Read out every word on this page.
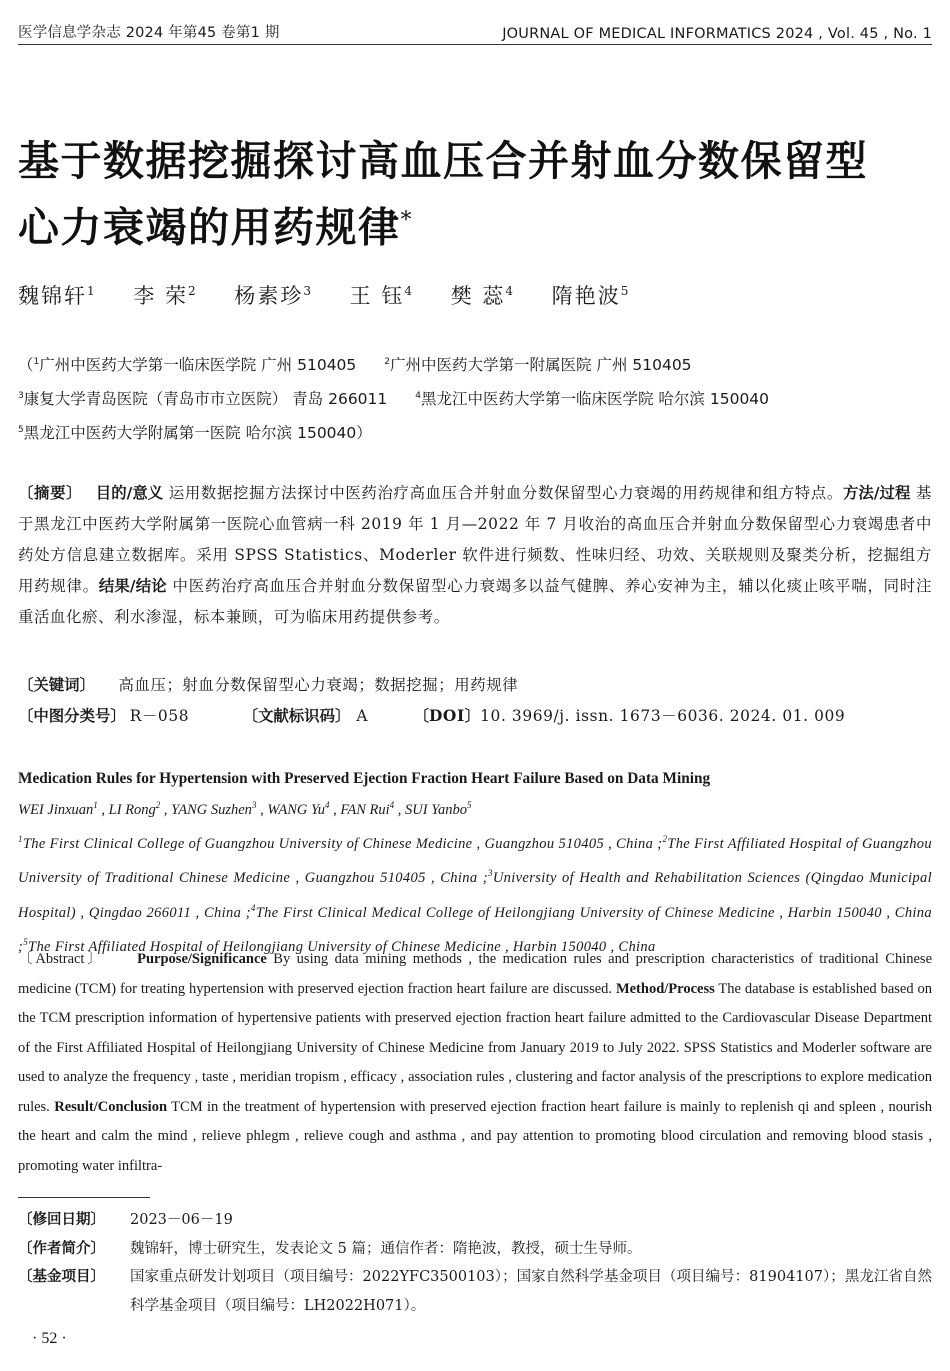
医学信息学杂志 2024 年第45 卷第1 期	JOURNAL OF MEDICAL INFORMATICS 2024 , Vol. 45 , No. 1
基于数据挖掘探讨高血压合并射血分数保留型
心力衰竭的用药规律*
魏锦轩$^1$ 李 荣$^2$ 杨素珍$^3$ 王 钰$^4$ 樊 蕊$^4$ 隋艳波$^5$
（$^1$广州中医药大学第一临床医学院 广州 510405	$^2$广州中医药大学第一附属医院 广州 510405
$^3$康复大学青岛医院（青岛市市立医院） 青岛 266011	$^4$黑龙江中医药大学第一临床医学院 哈尔滨 150040
$^5$黑龙江中医药大学附属第一医院 哈尔滨 150040）
〔摘要〕 目的/意义 运用数据挖掘方法探讨中医药治疗高血压合并射血分数保留型心力衰竭的用药规律和组方特点。方法/过程 基于黑龙江中医药大学附属第一医院心血管病一科 2019 年 1 月—2022 年 7 月收治的高血压合并射血分数保留型心力衰竭患者中药处方信息建立数据库。采用 SPSS Statistics、Moderler 软件进行频数、性味归经、功效、关联规则及聚类分析，挖掘组方用药规律。结果/结论 中医药治疗高血压合并射血分数保留型心力衰竭多以益气健脾、养心安神为主，辅以化痰止咳平喘，同时注重活血化瘀、利水渗湿，标本兼顾，可为临床用药提供参考。
〔关键词〕 高血压；射血分数保留型心力衰竭；数据挖掘；用药规律
〔中图分类号〕 R－058	〔文献标识码〕 A	〔DOI〕10. 3969/j. issn. 1673－6036. 2024. 01. 009
Medication Rules for Hypertension with Preserved Ejection Fraction Heart Failure Based on Data Mining
WEI Jinxuan$^1$ , LI Rong$^2$ , YANG Suzhen$^3$ , WANG Yu$^4$ , FAN Rui$^4$ , SUI Yanbo$^5$
$^1$The First Clinical College of Guangzhou University of Chinese Medicine , Guangzhou 510405 , China ;$^2$The First Affiliated Hospital of Guangzhou University of Traditional Chinese Medicine , Guangzhou 510405 , China ;$^3$University of Health and Rehabilitation Sciences (Qingdao Municipal Hospital) , Qingdao 266011 , China ;$^4$The First Clinical Medical College of Heilongjiang University of Chinese Medicine , Harbin 150040 , China ;$^5$The First Affiliated Hospital of Heilongjiang University of Chinese Medicine , Harbin 150040 , China
〔Abstract〕 Purpose/Significance By using data mining methods , the medication rules and prescription characteristics of traditional Chinese medicine (TCM) for treating hypertension with preserved ejection fraction heart failure are discussed. Method/Process The database is established based on the TCM prescription information of hypertensive patients with preserved ejection fraction heart failure admitted to the Cardiovascular Disease Department of the First Affiliated Hospital of Heilongjiang University of Chinese Medicine from January 2019 to July 2022. SPSS Statistics and Moderler software are used to analyze the frequency , taste , meridian tropism , efficacy , association rules , clustering and factor analysis of the prescriptions to explore medication rules. Result/Conclusion TCM in the treatment of hypertension with preserved ejection fraction heart failure is mainly to replenish qi and spleen , nourish the heart and calm the mind , relieve phlegm , relieve cough and asthma , and pay attention to promoting blood circulation and removing blood stasis , promoting water infiltra-
〔修回日期〕	2023－06－19
〔作者简介〕	魏锦轩，博士研究生，发表论文 5 篇；通信作者：隋艳波，教授，硕士生导师。
〔基金项目〕	国家重点研发计划项目（项目编号：2022YFC3500103）；国家自然科学基金项目（项目编号：81904107）；黑龙江省自然科学基金项目（项目编号：LH2022H071）。
· 52 ·
